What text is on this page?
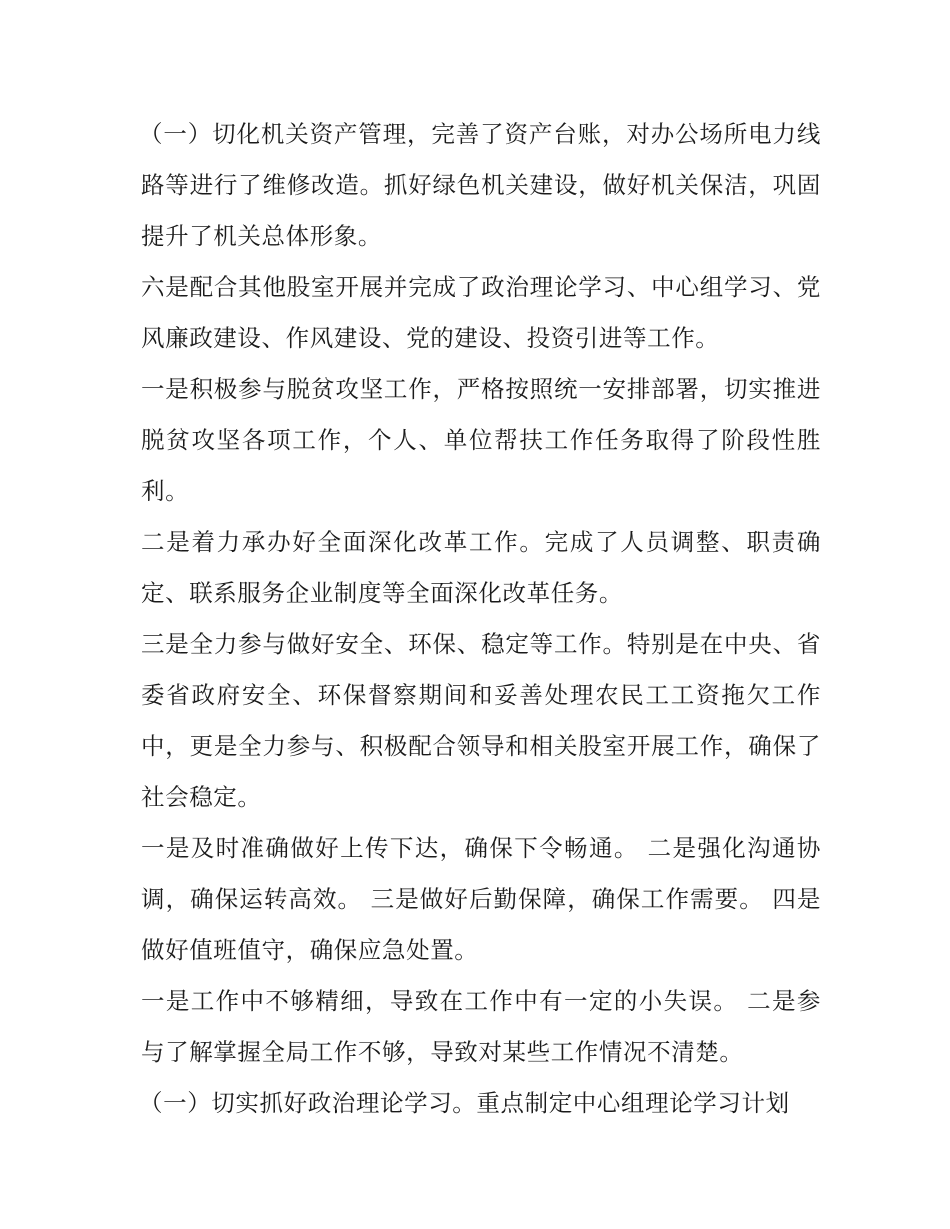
（一）切化机关资产管理，完善了资产台账，对办公场所电力线路等进行了维修改造。抓好绿色机关建设，做好机关保洁，巩固提升了机关总体形象。

六是配合其他股室开展并完成了政治理论学习、中心组学习、党风廉政建设、作风建设、党的建设、投资引进等工作。

一是积极参与脱贫攻坚工作，严格按照统一安排部署，切实推进脱贫攻坚各项工作，个人、单位帮扶工作任务取得了阶段性胜利。

二是着力承办好全面深化改革工作。完成了人员调整、职责确定、联系服务企业制度等全面深化改革任务。

三是全力参与做好安全、环保、稳定等工作。特别是在中央、省委省政府安全、环保督察期间和妥善处理农民工工资拖欠工作中，更是全力参与、积极配合领导和相关股室开展工作，确保了社会稳定。

一是及时准确做好上传下达，确保下令畅通。 二是强化沟通协调，确保运转高效。 三是做好后勤保障，确保工作需要。 四是做好值班值守，确保应急处置。

一是工作中不够精细，导致在工作中有一定的小失误。 二是参与了解掌握全局工作不够，导致对某些工作情况不清楚。

（一）切实抓好政治理论学习。重点制定中心组理论学习计划
